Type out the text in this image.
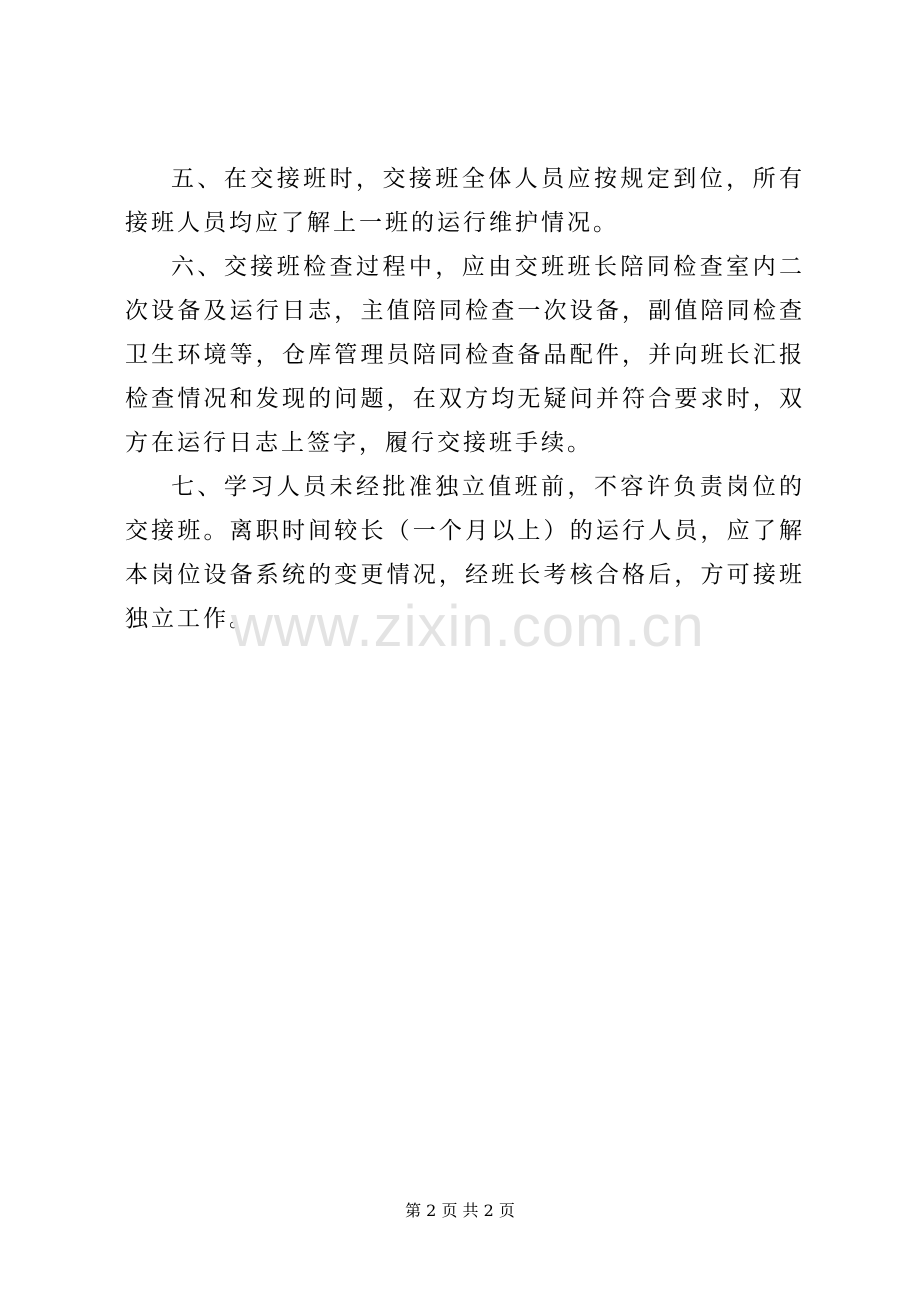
五、在交接班时，交接班全体人员应按规定到位，所有接班人员均应了解上一班的运行维护情况。

六、交接班检查过程中，应由交班班长陪同检查室内二次设备及运行日志，主值陪同检查一次设备，副值陪同检查卫生环境等，仓库管理员陪同检查备品配件，并向班长汇报检查情况和发现的问题，在双方均无疑问并符合要求时，双方在运行日志上签字，履行交接班手续。

七、学习人员未经批准独立值班前，不容许负责岗位的交接班。离职时间较长（一个月以上）的运行人员，应了解本岗位设备系统的变更情况，经班长考核合格后，方可接班独立工作。

www.zixin.com.cn
第 2 页 共 2 页
